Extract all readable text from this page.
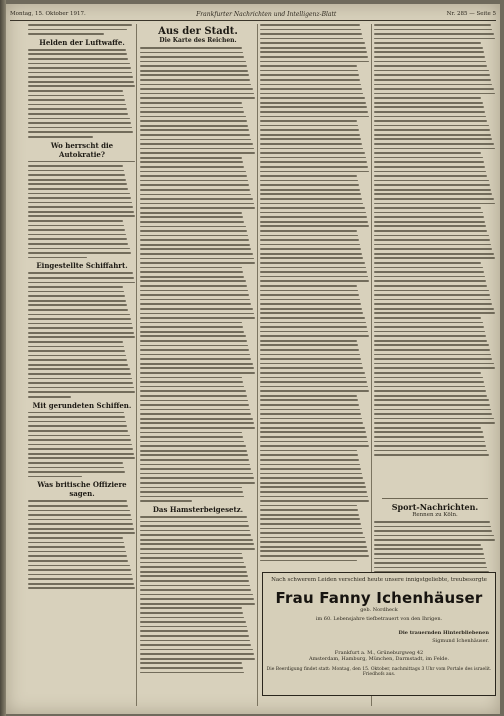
Montag, 15. Oktober 1917.	Frankfurter Nachrichten und Intelligenz-Blatt	Nr. 285 — Seite 5
Helden der Luftwaffe.
Wo herrscht die Autokratie?
Eingestellte Schiffahrt.
Mit gerundeten Schiffen.
Was britische Offiziere sagen.
Aus der Stadt.
Die Karte des Reichen.
Das Hamsterbeigesetz.	Sport-Nachrichten.
Rennen zu Köln.
Nach schwerem Leiden verschied heute unsere innigstgeliebte, treubesorgte
Frau Fanny Ichenhäuser
geb. Nordheck
im 60. Lebensjahre tiefbetrauert von den Ihrigen.
Die trauernden Hinterbliebenen
Sigmund Ichenhäuser.
Frankfurt a. M., Grüneburgweg 42
Amsterdam, Hamburg, München, Darmstadt, im Felde.
Die Beerdigung findet statt: Montag, den 15. Oktober, nachmittags 3 Uhr vom Portale des israelit. Friedhofs aus.
